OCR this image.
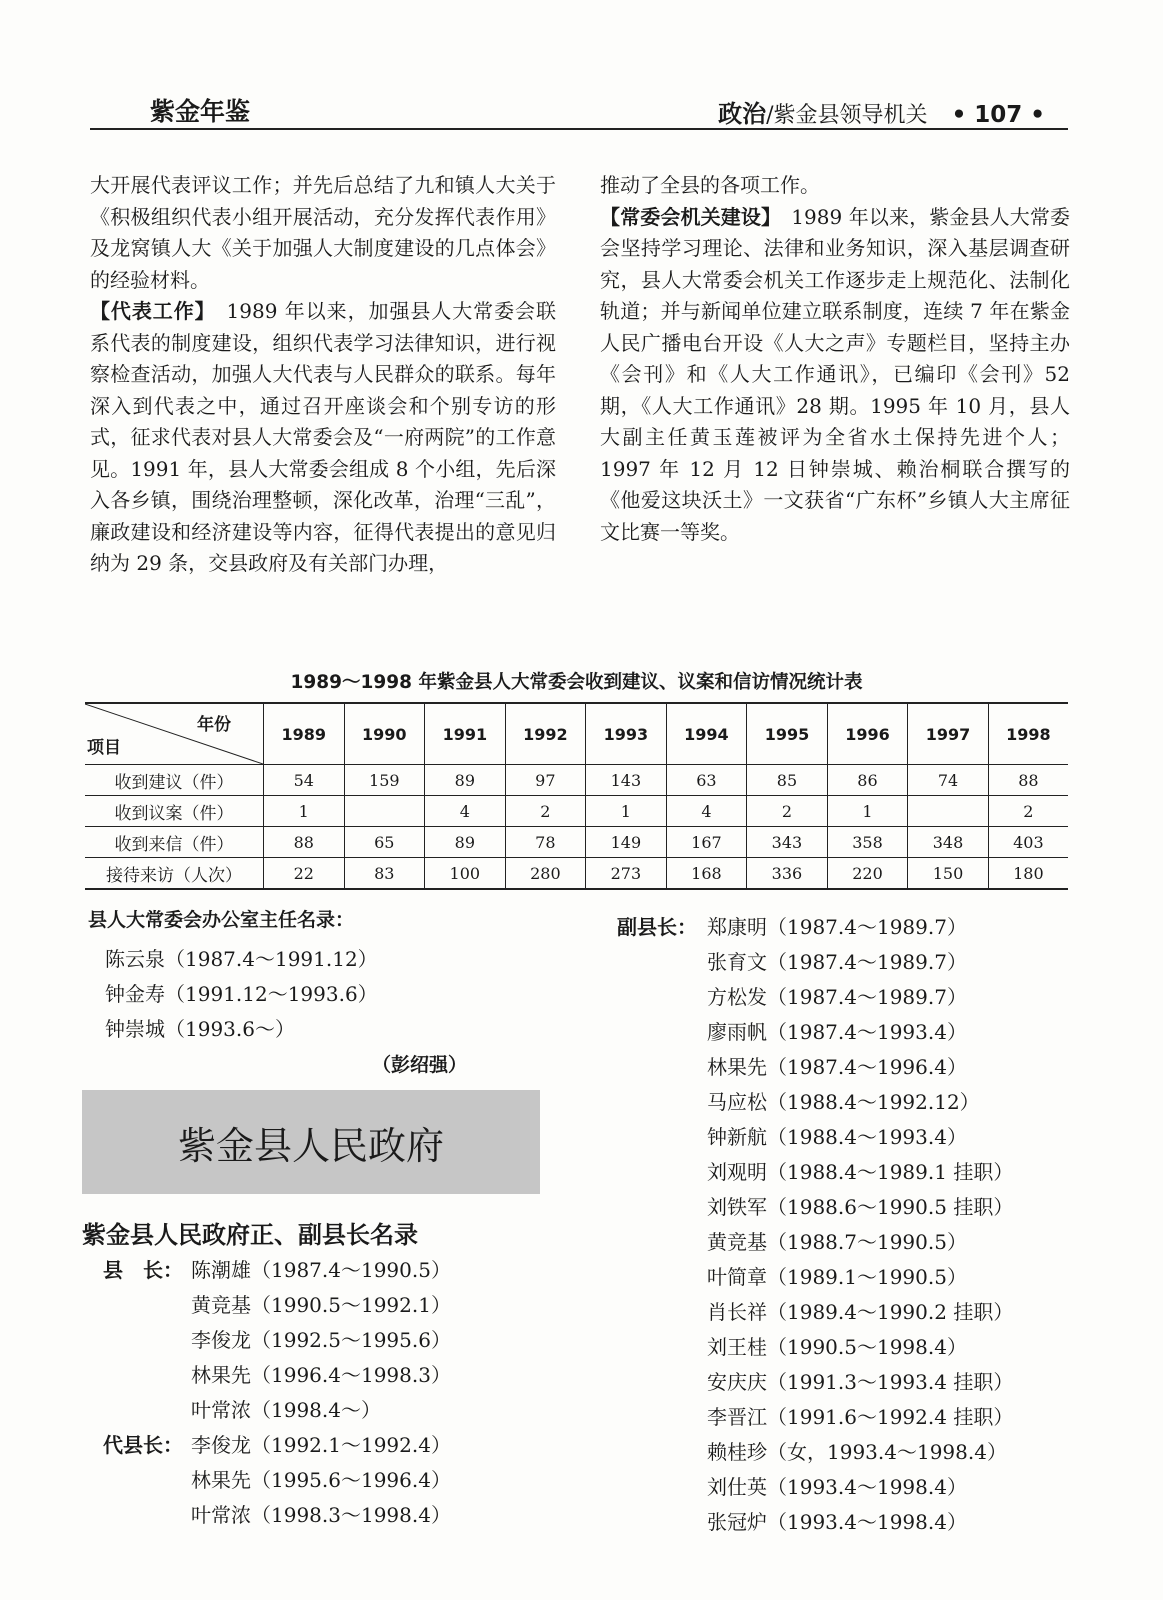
紫金年鉴	政治/紫金县领导机关 • 107 •

大开展代表评议工作；并先后总结了九和镇人大关于《积极组织代表小组开展活动，充分发挥代表作用》及龙窝镇人大《关于加强人大制度建设的几点体会》的经验材料。

【代表工作】　1989 年以来，加强县人大常委会联系代表的制度建设，组织代表学习法律知识，进行视察检查活动，加强人大代表与人民群众的联系。每年深入到代表之中，通过召开座谈会和个别专访的形式，征求代表对县人大常委会及“一府两院”的工作意见。1991 年，县人大常委会组成 8 个小组，先后深入各乡镇，围绕治理整顿，深化改革，治理“三乱”，廉政建设和经济建设等内容，征得代表提出的意见归纳为 29 条，交县政府及有关部门办理，

推动了全县的各项工作。

【常委会机关建设】　1989 年以来，紫金县人大常委会坚持学习理论、法律和业务知识，深入基层调查研究，县人大常委会机关工作逐步走上规范化、法制化轨道；并与新闻单位建立联系制度，连续 7 年在紫金人民广播电台开设《人大之声》专题栏目，坚持主办《会刊》和《人大工作通讯》，已编印《会刊》52 期，《人大工作通讯》28 期。1995 年 10 月，县人大副主任黄玉莲被评为全省水土保持先进个人；1997 年 12 月 12 日钟崇城、赖治桐联合撰写的《他爱这块沃土》一文获省“广东杯”乡镇人大主席征文比赛一等奖。

1989～1998 年紫金县人大常委会收到建议、议案和信访情况统计表
年份
项目	1989	1990	1991	1992	1993	1994	1995	1996	1997	1998
收到建议（件）	54	159	89	97	143	63	85	86	74	88
收到议案（件）	1		4	2	1	4	2	1		2
收到来信（件）	88	65	89	78	149	167	343	358	348	403
接待来访（人次）	22	83	100	280	273	168	336	220	150	180
县人大常委会办公室主任名录：
陈云泉（1987.4～1991.12）
钟金寿（1991.12～1993.6）
钟崇城（1993.6～）
（彭绍强）
紫金县人民政府
紫金县人民政府正、副县长名录
县　长： 陈潮雄（1987.4～1990.5）
黄竞基（1990.5～1992.1）
李俊龙（1992.5～1995.6）
林果先（1996.4～1998.3）
叶常浓（1998.4～）
代县长： 李俊龙（1992.1～1992.4）
林果先（1995.6～1996.4）
叶常浓（1998.3～1998.4）
副县长： 郑康明（1987.4～1989.7）
张育文（1987.4～1989.7）
方松发（1987.4～1989.7）
廖雨帆（1987.4～1993.4）
林果先（1987.4～1996.4）
马应松（1988.4～1992.12）
钟新航（1988.4～1993.4）
刘观明（1988.4～1989.1 挂职）
刘铁军（1988.6～1990.5 挂职）
黄竞基（1988.7～1990.5）
叶简章（1989.1～1990.5）
肖长祥（1989.4～1990.2 挂职）
刘王桂（1990.5～1998.4）
安庆庆（1991.3～1993.4 挂职）
李晋江（1991.6～1992.4 挂职）
赖桂珍（女，1993.4～1998.4）
刘仕英（1993.4～1998.4）
张冠炉（1993.4～1998.4）
